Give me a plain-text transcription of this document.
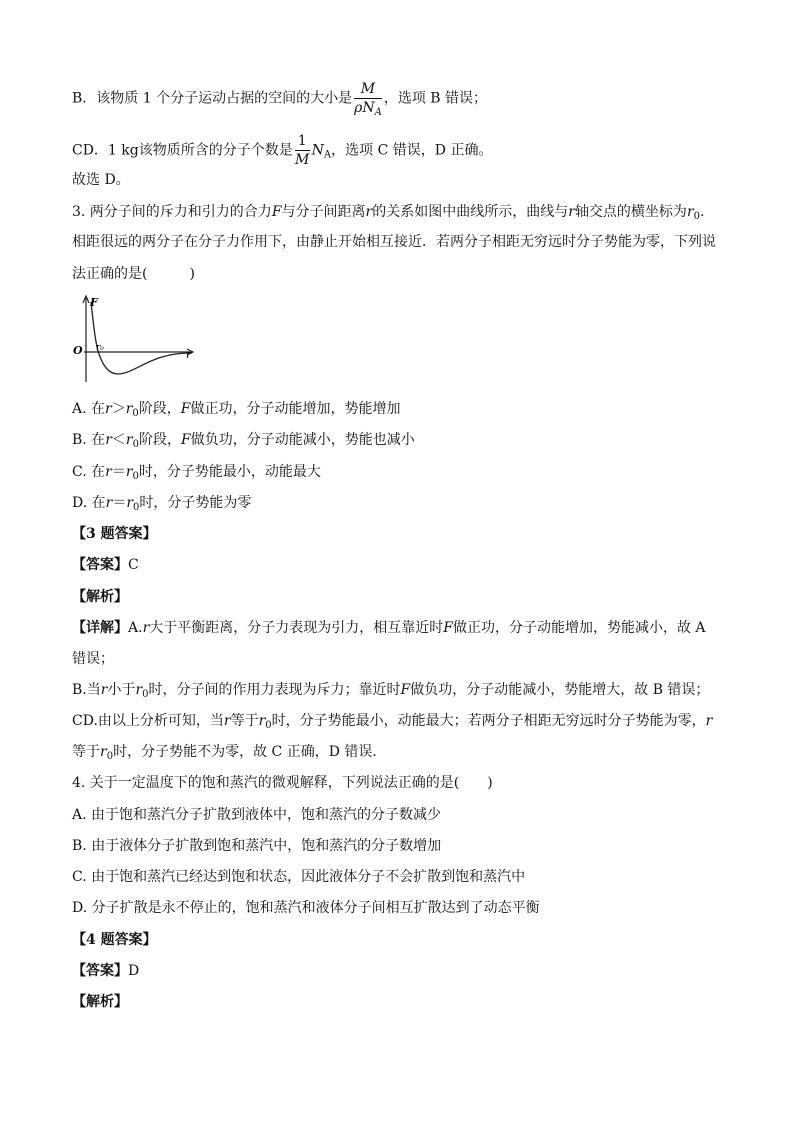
B．该物质 1 个分子运动占据的空间的大小是 $\frac{M}{\rho N_A}$ ，选项 B 错误；
CD．1 kg该物质所含的分子个数是 $\frac{1}{M} N_A$，选项 C 错误，D 正确。
故选 D。
3. 两分子间的斥力和引力的合力F与分子间距离r的关系如图中曲线所示，曲线与r轴交点的横坐标为$r_0$.
相距很远的两分子在分子力作用下，由静止开始相互接近．若两分子相距无穷远时分子势能为零，下列说
法正确的是(　　　)
F
O	r
r₀
A. 在$r>r_0$阶段，F做正功，分子动能增加，势能增加
B. 在$r<r_0$阶段，F做负功，分子动能减小，势能也减小
C. 在$r=r_0$时，分子势能最小，动能最大
D. 在$r=r_0$时，分子势能为零
【3 题答案】
【答案】C
【解析】
【详解】A.r大于平衡距离，分子力表现为引力，相互靠近时F做正功，分子动能增加，势能减小，故 A
错误；
B.当r小于$r_0$时，分子间的作用力表现为斥力；靠近时F做负功，分子动能减小，势能增大，故 B 错误；
CD.由以上分析可知，当r等于$r_0$时，分子势能最小，动能最大；若两分子相距无穷远时分子势能为零，r
等于$r_0$时，分子势能不为零，故 C 正确，D 错误．
4. 关于一定温度下的饱和蒸汽的微观解释，下列说法正确的是(　　)
A. 由于饱和蒸汽分子扩散到液体中，饱和蒸汽的分子数减少
B. 由于液体分子扩散到饱和蒸汽中，饱和蒸汽的分子数增加
C. 由于饱和蒸汽已经达到饱和状态，因此液体分子不会扩散到饱和蒸汽中
D. 分子扩散是永不停止的，饱和蒸汽和液体分子间相互扩散达到了动态平衡
【4 题答案】
【答案】D
【解析】
